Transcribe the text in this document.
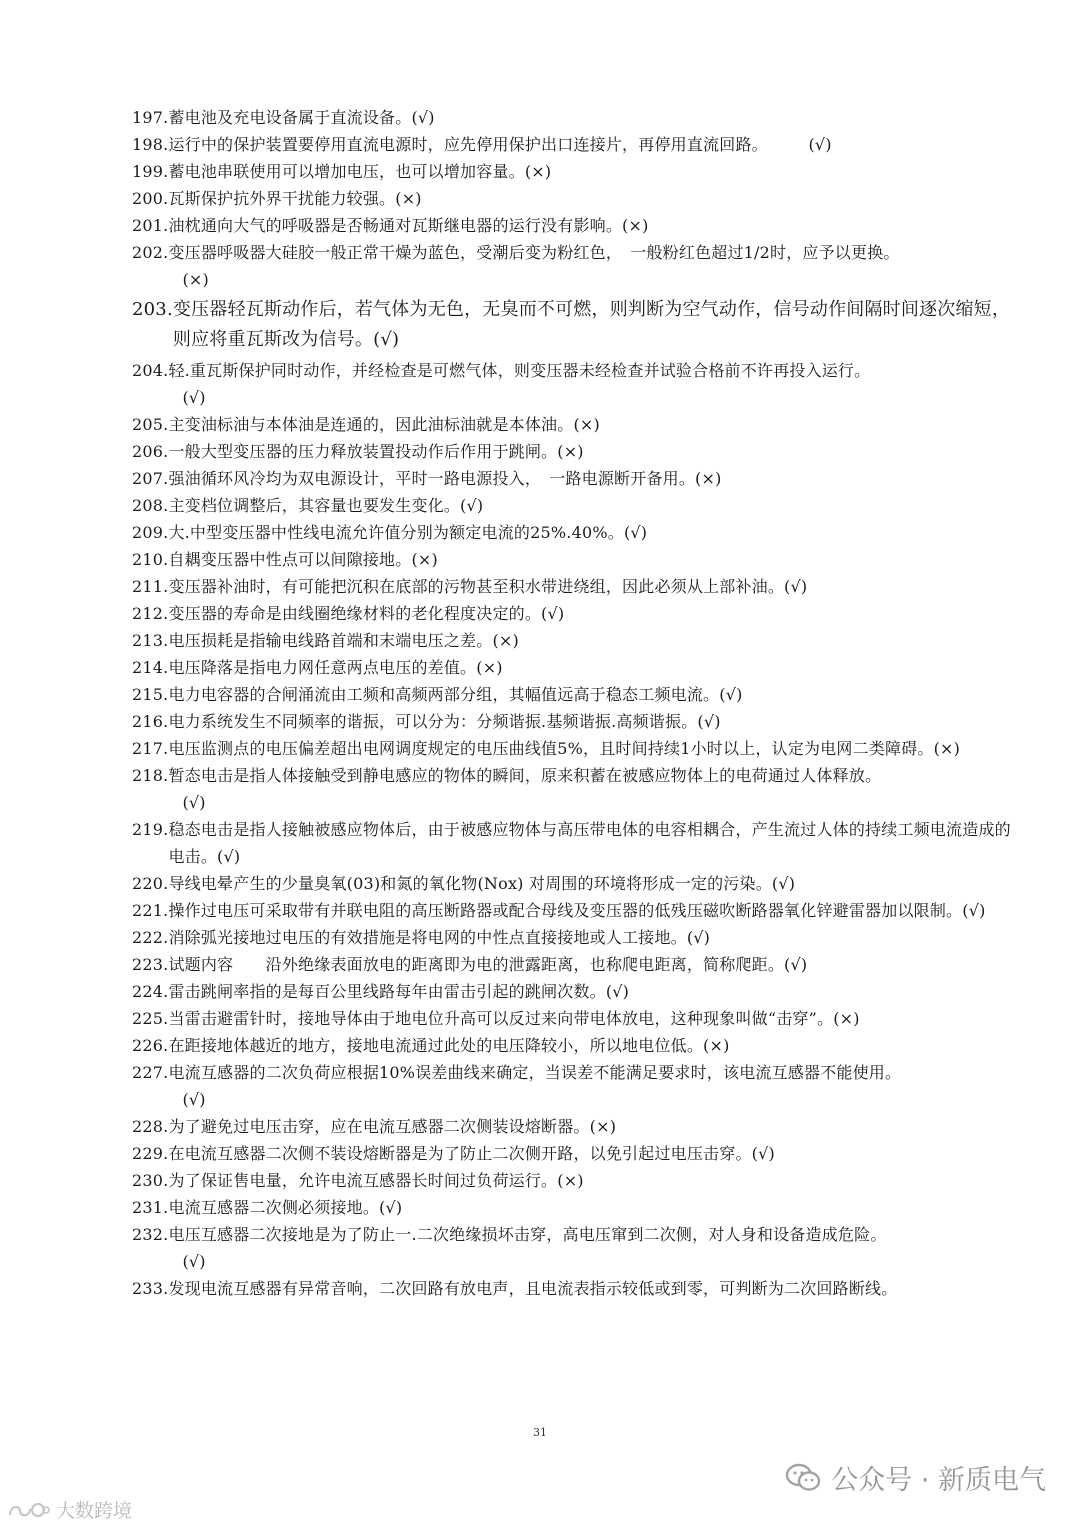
197. 蓄电池及充电设备属于直流设备。(√)
198. 运行中的保护装置要停用直流电源时，应先停用保护出口连接片，再停用直流回路。　　　	(√)
199. 蓄电池串联使用可以增加电压，也可以增加容量。(×)
200. 瓦斯保护抗外界干扰能力较强。(×)
201. 油枕通向大气的呼吸器是否畅通对瓦斯继电器的运行没有影响。(×)
202. 变压器呼吸器大硅胶一般正常干燥为蓝色，受潮后变为粉红色，　一般粉红色超过1/2时，应予以更换。
(×)
203. 变压器轻瓦斯动作后，若气体为无色，无臭而不可燃，则判断为空气动作，信号动作间隔时间逐次缩短，则应将重瓦斯改为信号。(√)
204. 轻.重瓦斯保护同时动作，并经检查是可燃气体，则变压器未经检查并试验合格前不许再投入运行。
(√)
205. 主变油标油与本体油是连通的，因此油标油就是本体油。(×)
206. 一般大型变压器的压力释放装置投动作后作用于跳闸。(×)
207. 强油循环风冷均为双电源设计，平时一路电源投入，　一路电源断开备用。(×)
208. 主变档位调整后，其容量也要发生变化。(√)
209. 大.中型变压器中性线电流允许值分别为额定电流的25%.40%。(√)
210. 自耦变压器中性点可以间隙接地。(×)
211. 变压器补油时，有可能把沉积在底部的污物甚至积水带进绕组，因此必须从上部补油。(√)
212. 变压器的寿命是由线圈绝缘材料的老化程度决定的。(√)
213. 电压损耗是指输电线路首端和末端电压之差。(×)
214. 电压降落是指电力网任意两点电压的差值。(×)
215. 电力电容器的合闸涌流由工频和高频两部分组，其幅值远高于稳态工频电流。(√)
216. 电力系统发生不同频率的谐振，可以分为：分频谐振.基频谐振.高频谐振。(√)
217. 电压监测点的电压偏差超出电网调度规定的电压曲线值5%，且时间持续1小时以上，认定为电网二类障碍。(×)
218. 暂态电击是指人体接触受到静电感应的物体的瞬间，原来积蓄在被感应物体上的电荷通过人体释放。
(√)
219. 稳态电击是指人接触被感应物体后，由于被感应物体与高压带电体的电容相耦合，产生流过人体的持续工频电流造成的电击。(√)
220. 导线电晕产生的少量臭氧(03)和氮的氧化物(Nox) 对周围的环境将形成一定的污染。(√)
221. 操作过电压可采取带有并联电阻的高压断路器或配合母线及变压器的低残压磁吹断路器氧化锌避雷器加以限制。(√)
222. 消除弧光接地过电压的有效措施是将电网的中性点直接接地或人工接地。(√)
223. 试题内容　　沿外绝缘表面放电的距离即为电的泄露距离，也称爬电距离，简称爬距。(√)
224. 雷击跳闸率指的是每百公里线路每年由雷击引起的跳闸次数。(√)
225. 当雷击避雷针时，接地导体由于地电位升高可以反过来向带电体放电，这种现象叫做“击穿”。(×)
226. 在距接地体越近的地方，接地电流通过此处的电压降较小，所以地电位低。(×)
227. 电流互感器的二次负荷应根据10%误差曲线来确定，当误差不能满足要求时，该电流互感器不能使用。
(√)
228. 为了避免过电压击穿，应在电流互感器二次侧装设熔断器。(×)
229. 在电流互感器二次侧不装设熔断器是为了防止二次侧开路，以免引起过电压击穿。(√)
230. 为了保证售电量，允许电流互感器长时间过负荷运行。(×)
231. 电流互感器二次侧必须接地。(√)
232. 电压互感器二次接地是为了防止一.二次绝缘损坏击穿，高电压窜到二次侧，对人身和设备造成危险。
(√)
233. 发现电流互感器有异常音响，二次回路有放电声，且电流表指示较低或到零，可判断为二次回路断线。
31
公众号 · 新质电气
大数跨境
